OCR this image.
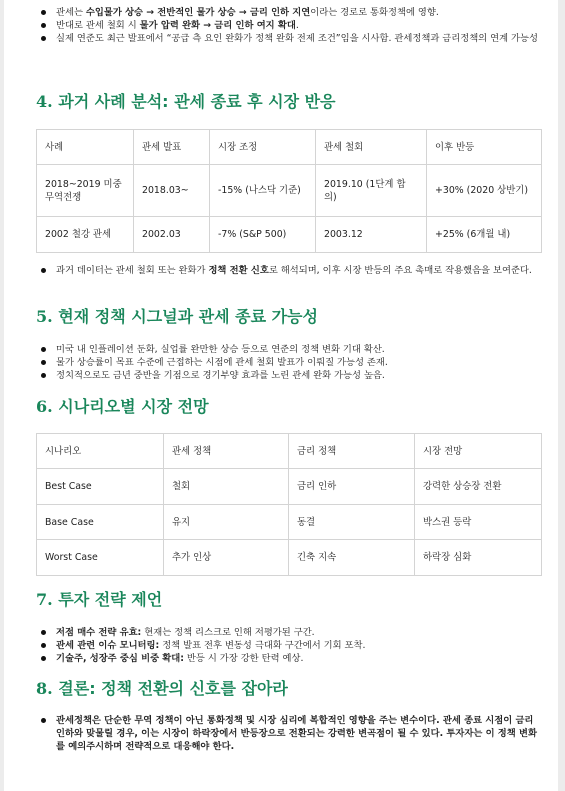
관세는 수입물가 상승 → 전반적인 물가 상승 → 금리 인하 지연이라는 경로로 통화정책에 영향.
반대로 관세 철회 시 물가 압력 완화 → 금리 인하 여지 확대.
실제 연준도 최근 발표에서 “공급 측 요인 완화가 정책 완화 전제 조건”임을 시사함. 관세정책과 금리정책의 연계 가능성
4. 과거 사례 분석: 관세 종료 후 시장 반응
사례	관세 발표	시장 조정	관세 철회	이후 반등
2018~2019 미중 무역전쟁	2018.03~	-15% (나스닥 기준)	2019.10 (1단계 합의)	+30% (2020 상반기)
2002 철강 관세	2002.03	-7% (S&P 500)	2003.12	+25% (6개월 내)
과거 데이터는 관세 철회 또는 완화가 정책 전환 신호로 해석되며, 이후 시장 반등의 주요 촉매로 작용했음을 보여준다.
5. 현재 정책 시그널과 관세 종료 가능성
미국 내 인플레이션 둔화, 실업률 완만한 상승 등으로 연준의 정책 변화 기대 확산.
물가 상승률이 목표 수준에 근접하는 시점에 관세 철회 발표가 이뤄질 가능성 존재.
정치적으로도 금년 중반을 기점으로 경기부양 효과를 노린 관세 완화 가능성 높음.
6. 시나리오별 시장 전망
시나리오	관세 정책	금리 정책	시장 전망
Best Case	철회	금리 인하	강력한 상승장 전환
Base Case	유지	동결	박스권 등락
Worst Case	추가 인상	긴축 지속	하락장 심화
7. 투자 전략 제언
저점 매수 전략 유효: 현재는 정책 리스크로 인해 저평가된 구간.
관세 관련 이슈 모니터링: 정책 발표 전후 변동성 극대화 구간에서 기회 포착.
기술주, 성장주 중심 비중 확대: 반등 시 가장 강한 탄력 예상.
8. 결론: 정책 전환의 신호를 잡아라
관세정책은 단순한 무역 정책이 아닌 통화정책 및 시장 심리에 복합적인 영향을 주는 변수이다. 관세 종료 시점이 금리인하와 맞물릴 경우, 이는 시장이 하락장에서 반등장으로 전환되는 강력한 변곡점이 될 수 있다. 투자자는 이 정책 변화를 예의주시하며 전략적으로 대응해야 한다.
